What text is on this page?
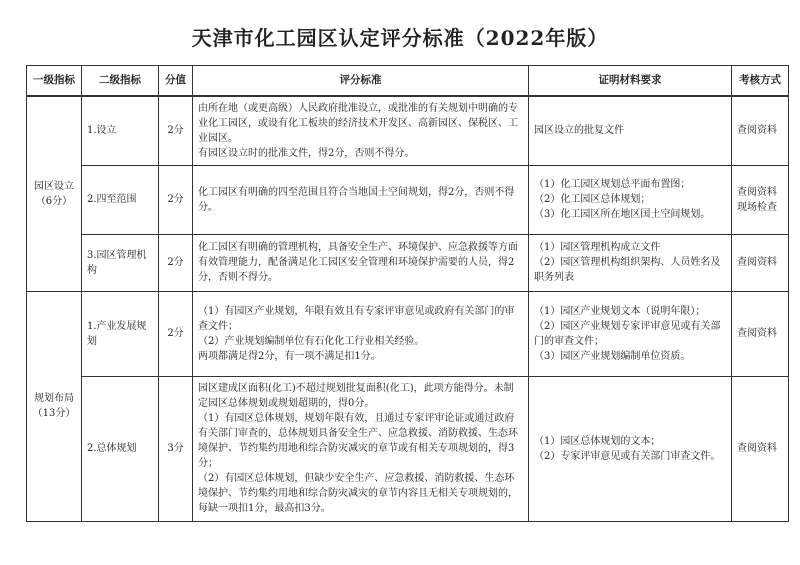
天津市化工园区认定评分标准（2022年版）
一级指标	二级指标	分值	评分标准	证明材料要求	考核方式

园区设立
（6分）	1.设立	2分	由所在地（或更高级）人民政府批准设立，或批准的有关规划中明确的专业化工园区，或设有化工板块的经济技术开发区、高新园区、保税区、工业园区。
有园区设立时的批准文件，得2分，否则不得分。	园区设立的批复文件	查阅资料

	2.四至范围	2分	化工园区有明确的四至范围且符合当地国土空间规划，得2分，否则不得分。	（1）化工园区规划总平面布置图；
（2）化工园区总体规划；
（3）化工园区所在地区国土空间规划。	查阅资料
现场检查

	3.园区管理机构	2分	化工园区有明确的管理机构，具备安全生产、环境保护、应急救援等方面有效管理能力，配备满足化工园区安全管理和环境保护需要的人员，得2分，否则不得分。	（1）园区管理机构成立文件
（2）园区管理机构组织架构、人员姓名及职务列表	查阅资料

规划布局
（13分）	1.产业发展规划	2分	（1）有园区产业规划，年限有效且有专家评审意见或政府有关部门的审查文件；
（2）产业规划编制单位有石化化工行业相关经验。
两项都满足得2分，有一项不满足扣1分。	（1）园区产业规划文本（说明年限）；
（2）园区产业规划专家评审意见或有关部门的审查文件；
（3）园区产业规划编制单位资质。	查阅资料

	2.总体规划	3分	园区建成区面积(化工)不超过规划批复面积(化工)，此项方能得分。未制定园区总体规划或规划超期的，得0分。
（1）有园区总体规划，规划年限有效，且通过专家评审论证或通过政府有关部门审查的，总体规划具备安全生产、应急救援、消防救援、生态环境保护、节约集约用地和综合防灾减灾的章节或有相关专项规划的，得3分；
（2）有园区总体规划，但缺少安全生产、应急救援、消防救援、生态环境保护、节约集约用地和综合防灾减灾的章节内容且无相关专项规划的，每缺一项扣1分，最高扣3分。	（1）园区总体规划的文本；
（2）专家评审意见或有关部门审查文件。	查阅资料
